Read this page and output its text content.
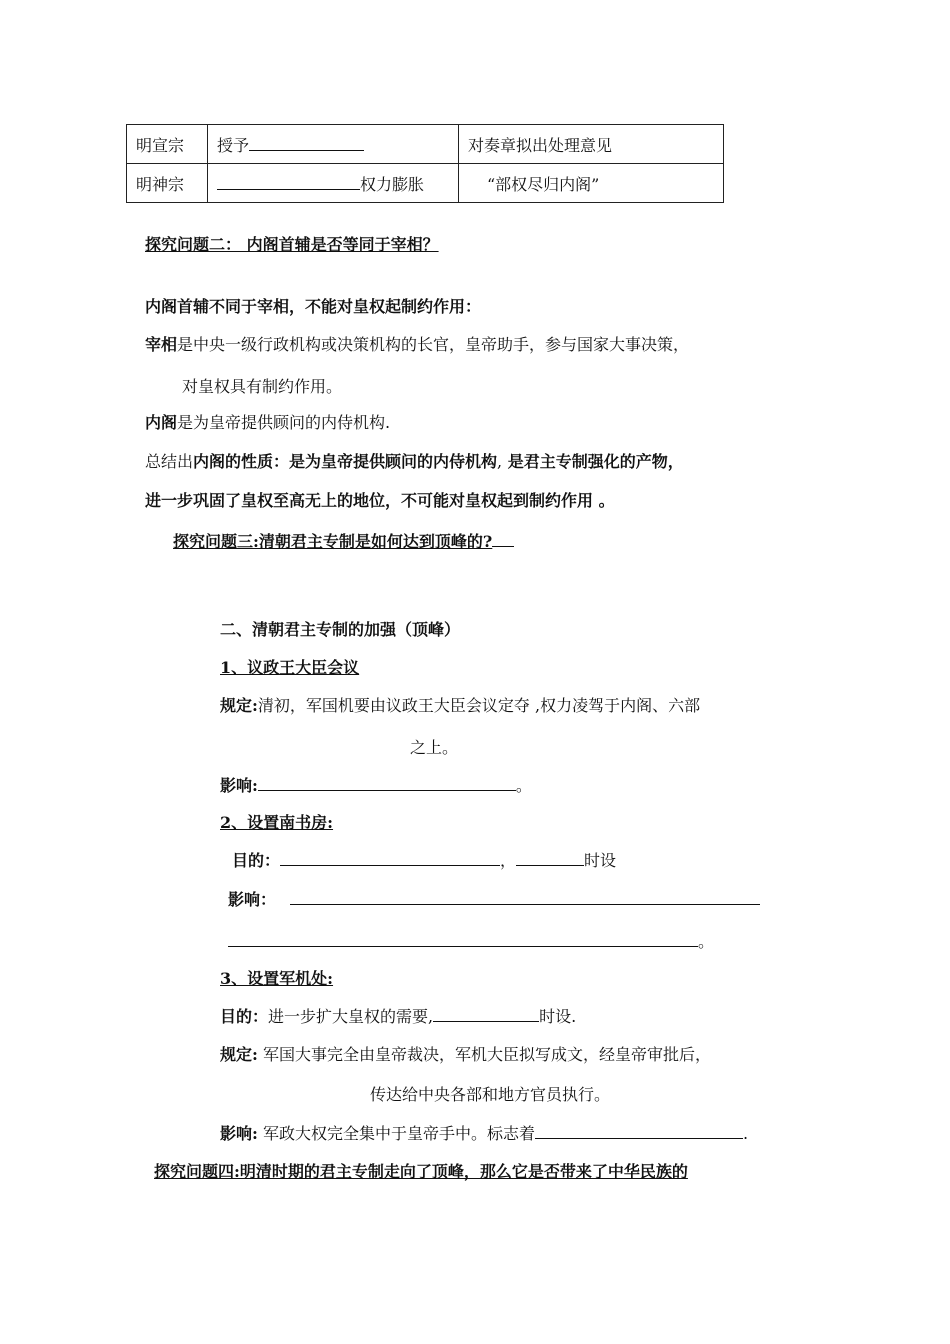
明宣宗	授予	对奏章拟出处理意见
明神宗	权力膨胀	“部权尽归内阁”
探究问题二： 内阁首辅是否等同于宰相？
内阁首辅不同于宰相，不能对皇权起制约作用：
宰相是中央一级行政机构或决策机构的长官，皇帝助手，参与国家大事决策，
对皇权具有制约作用。
内阁是为皇帝提供顾问的内侍机构.
总结出内阁的性质：是为皇帝提供顾问的内侍机构, 是君主专制强化的产物，
进一步巩固了皇权至高无上的地位，不可能对皇权起到制约作用 。
探究问题三:清朝君主专制是如何达到顶峰的?
二、清朝君主专制的加强（顶峰）
1、议政王大臣会议
规定:清初，军国机要由议政王大臣会议定夺 ,权力凌驾于内阁、六部
之上。
影响:	。
2、设置南书房:
目的：	，	时设
影响：
。
3、设置军机处:
目的：进一步扩大皇权的需要,	时设.
规定: 军国大事完全由皇帝裁决，军机大臣拟写成文，经皇帝审批后，
传达给中央各部和地方官员执行。
影响: 军政大权完全集中于皇帝手中。标志着	.
探究问题四:明清时期的君主专制走向了顶峰，那么它是否带来了中华民族的
